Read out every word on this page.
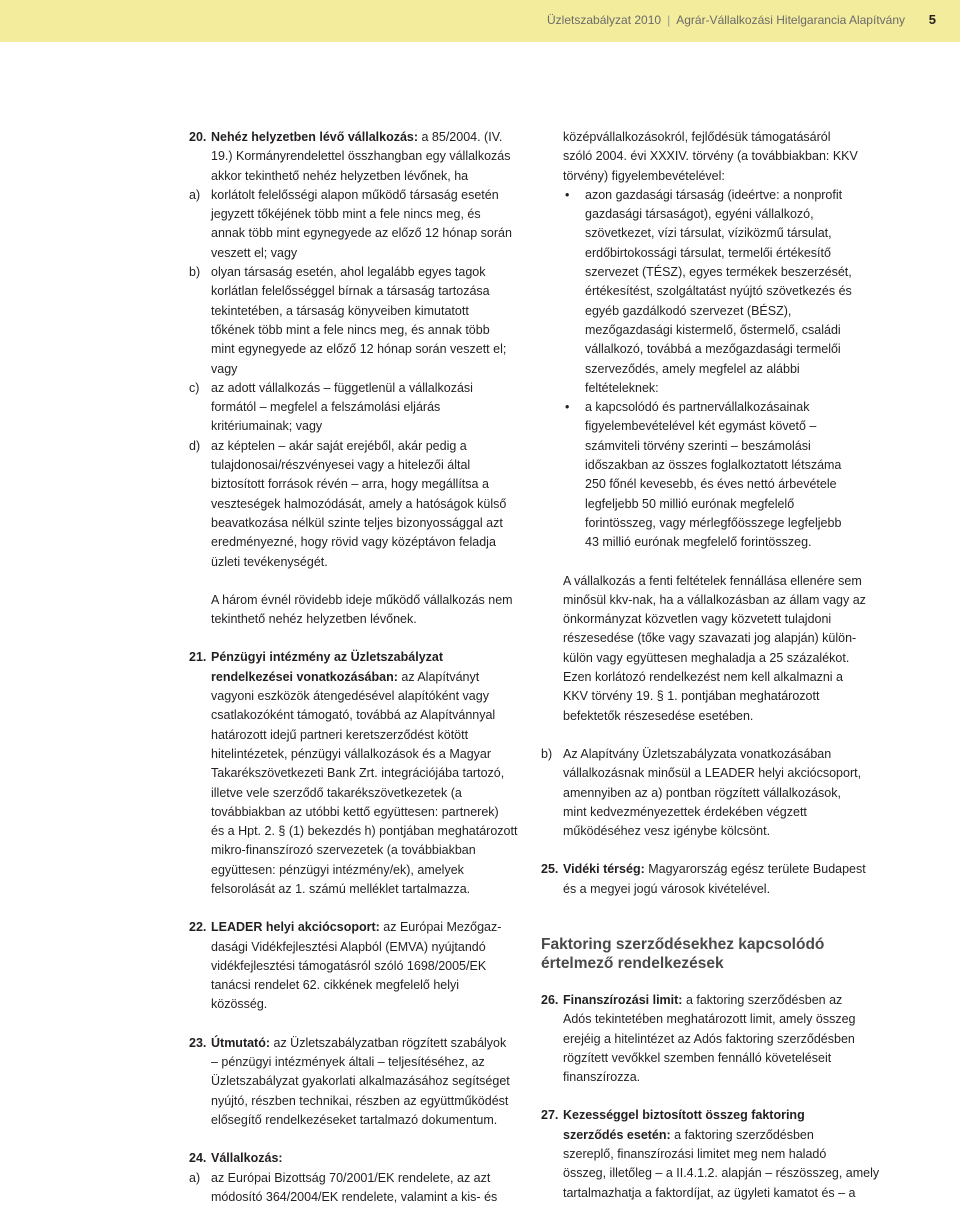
Üzletszabályzat 2010 | Agrár-Vállalkozási Hitelgarancia Alapítvány 5
20. Nehéz helyzetben lévő vállalkozás: a 85/2004. (IV.

19.) Kormányrendelettel összhangban egy vállalkozás

akkor tekinthető nehéz helyzetben lévőnek, ha

a) korlátolt felelősségi alapon működő társaság esetén

jegyzett tőkéjének több mint a fele nincs meg, és

annak több mint egynegyede az előző 12 hónap során

veszett el; vagy

b) olyan társaság esetén, ahol legalább egyes tagok

korlátlan felelősséggel bírnak a társaság tartozása

tekintetében, a társaság könyveiben kimutatott

tőkének több mint a fele nincs meg, és annak több

mint egynegyede az előző 12 hónap során veszett el;

vagy

c) az adott vállalkozás – függetlenül a vállalkozási

formától – megfelel a felszámolási eljárás

kritériumainak; vagy

d) az képtelen – akár saját erejéből, akár pedig a

tulajdonosai/részvényesei vagy a hitelezői által

biztosított források révén – arra, hogy megállítsa a

veszteségek halmozódását, amely a hatóságok külső

beavatkozása nélkül szinte teljes bizonyossággal azt

eredményezné, hogy rövid vagy középtávon feladja

üzleti tevékenységét.

A három évnél rövidebb ideje működő vállalkozás nem

tekinthető nehéz helyzetben lévőnek.

21. Pénzügyi intézmény az Üzletszabályzat

rendelkezései vonatkozásában: az Alapítványt

vagyoni eszközök átengedésével alapítóként vagy

csatlakozóként támogató, továbbá az Alapítvánnyal

határozott idejű partneri keretszerződést kötött

hitelintézetek, pénzügyi vállalkozások és a Magyar

Takarékszövetkezeti Bank Zrt. integrációjába tartozó,

illetve vele szerződő takarékszövetkezetek (a

továbbiakban az utóbbi kettő együttesen: partnerek)

és a Hpt. 2. § (1) bekezdés h) pontjában meghatározott

mikro-finanszírozó szervezetek (a továbbiakban

együttesen: pénzügyi intézmény/ek), amelyek

felsorolását az 1. számú melléklet tartalmazza.

22. LEADER helyi akciócsoport: az Európai Mezőgaz-

dasági Vidékfejlesztési Alapból (EMVA) nyújtandó

vidékfejlesztési támogatásról szóló 1698/2005/EK

tanácsi rendelet 62. cikkének megfelelő helyi

közösség.

23. Útmutató: az Üzletszabályzatban rögzített szabályok

– pénzügyi intézmények általi – teljesítéséhez, az

Üzletszabályzat gyakorlati alkalmazásához segítséget

nyújtó, részben technikai, részben az együttműködést

elősegítő rendelkezéseket tartalmazó dokumentum.

24. Vállalkozás:

a) az Európai Bizottság 70/2001/EK rendelete, az azt

módosító 364/2004/EK rendelete, valamint a kis- és

középvállalkozásokról, fejlődésük támogatásáról

szóló 2004. évi XXXIV. törvény (a továbbiakban: KKV

törvény) figyelembevételével:

• azon gazdasági társaság (ideértve: a nonprofit

gazdasági társaságot), egyéni vállalkozó,

szövetkezet, vízi társulat, víziközmű társulat,

erdőbirtokossági társulat, termelői értékesítő

szervezet (TÉSZ), egyes termékek beszerzését,

értékesítést, szolgáltatást nyújtó szövetkezés és

egyéb gazdálkodó szervezet (BÉSZ),

mezőgazdasági kistermelő, őstermelő, családi

vállalkozó, továbbá a mezőgazdasági termelői

szerveződés, amely megfelel az alábbi

feltételeknek:

• a kapcsolódó és partnervállalkozásainak

figyelembevételével két egymást követő –

számviteli törvény szerinti – beszámolási

időszakban az összes foglalkoztatott létszáma

250 főnél kevesebb, és éves nettó árbevétele

legfeljebb 50 millió eurónak megfelelő

forintösszeg, vagy mérlegfőösszege legfeljebb

43 millió eurónak megfelelő forintösszeg.

A vállalkozás a fenti feltételek fennállása ellenére sem

minősül kkv-nak, ha a vállalkozásban az állam vagy az

önkormányzat közvetlen vagy közvetett tulajdoni

részesedése (tőke vagy szavazati jog alapján) külön-

külön vagy együttesen meghaladja a 25 százalékot.

Ezen korlátozó rendelkezést nem kell alkalmazni a

KKV törvény 19. § 1. pontjában meghatározott

befektetők részesedése esetében.

b) Az Alapítvány Üzletszabályzata vonatkozásában

vállalkozásnak minősül a LEADER helyi akciócsoport,

amennyiben az a) pontban rögzített vállalkozások,

mint kedvezményezettek érdekében végzett

működéséhez vesz igénybe kölcsönt.

25. Vidéki térség: Magyarország egész területe Budapest

és a megyei jogú városok kivételével.

Faktoring szerződésekhez kapcsolódó

értelmező rendelkezések

26. Finanszírozási limit: a faktoring szerződésben az

Adós tekintetében meghatározott limit, amely összeg

erejéig a hitelintézet az Adós faktoring szerződésben

rögzített vevőkkel szemben fennálló követeléseit

finanszírozza.

27. Kezességgel biztosított összeg faktoring

szerződés esetén: a faktoring szerződésben

szereplő, finanszírozási limitet meg nem haladó

összeg, illetőleg – a II.4.1.2. alapján – részösszeg, amely

tartalmazhatja a faktordíjat, az ügyleti kamatot és – a
